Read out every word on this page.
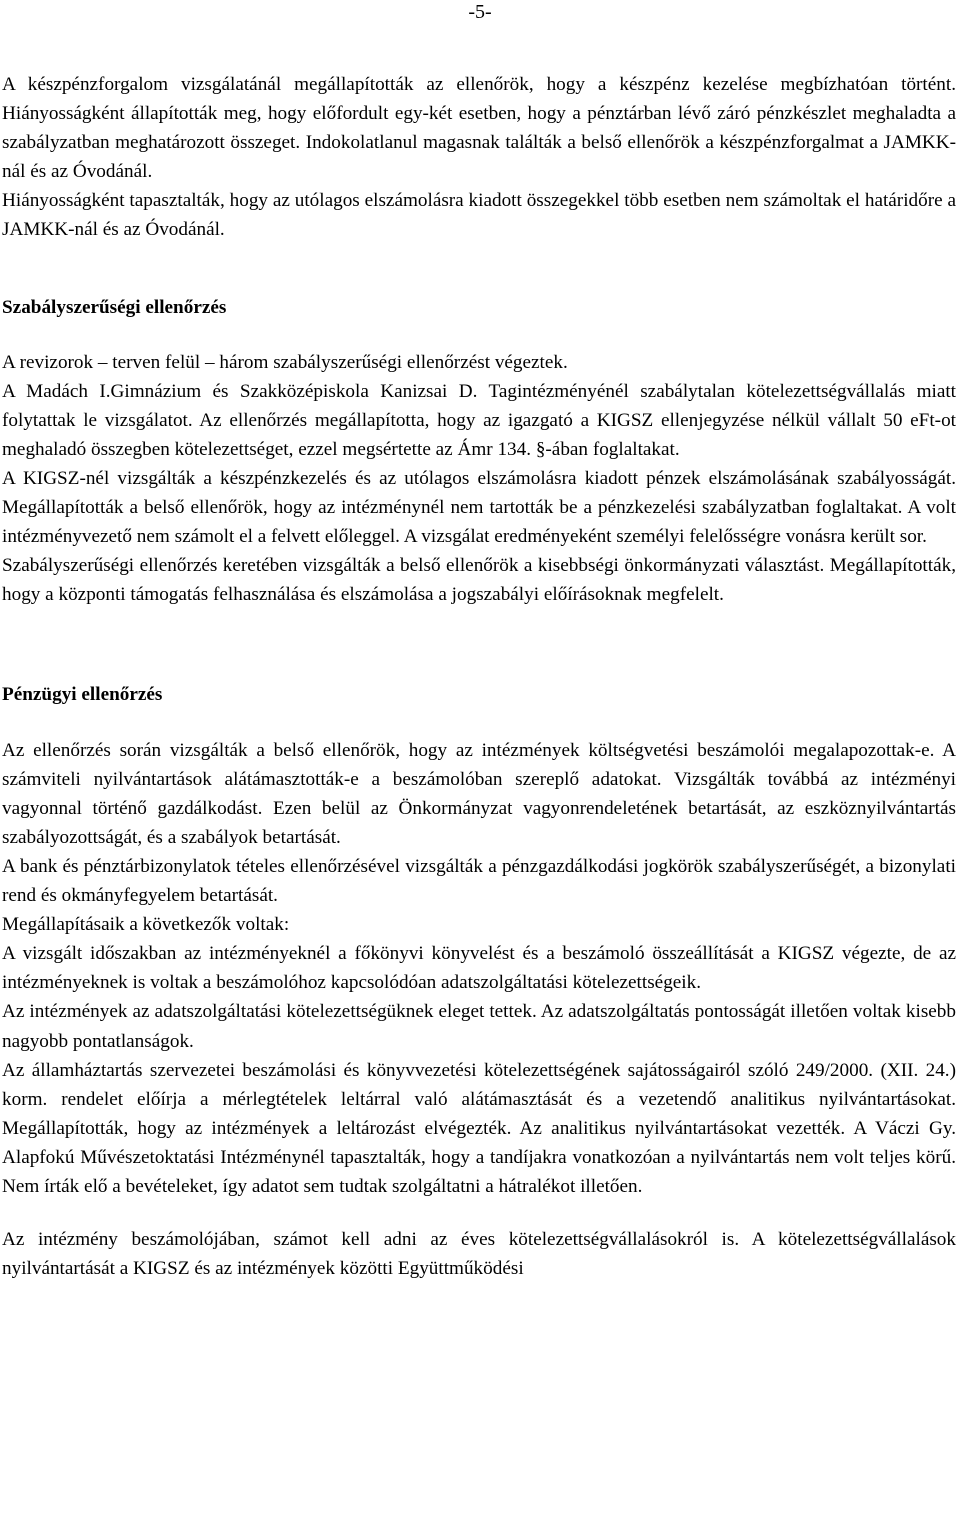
-5-

A készpénzforgalom vizsgálatánál megállapították az ellenőrök, hogy a készpénz kezelése megbízhatóan történt. Hiányosságként állapították meg, hogy előfordult egy-két esetben, hogy a pénztárban lévő záró pénzkészlet meghaladta a szabályzatban meghatározott összeget. Indokolatlanul magasnak találták a belső ellenőrök a készpénzforgalmat a JAMKK-nál és az Óvodánál.

Hiányosságként tapasztalták, hogy az utólagos elszámolásra kiadott összegekkel több esetben nem számoltak el határidőre a JAMKK-nál és az Óvodánál.

Szabályszerűségi ellenőrzés

A revizorok – terven felül – három szabályszerűségi ellenőrzést végeztek.

A Madách I.Gimnázium és Szakközépiskola Kanizsai D. Tagintézményénél szabálytalan kötelezettségvállalás miatt folytattak le vizsgálatot. Az ellenőrzés megállapította, hogy az igazgató a KIGSZ ellenjegyzése nélkül vállalt 50 eFt-ot meghaladó összegben kötelezettséget, ezzel megsértette az Ámr 134. §-ában foglaltakat.

A KIGSZ-nél vizsgálták a készpénzkezelés és az utólagos elszámolásra kiadott pénzek elszámolásának szabályosságát. Megállapították a belső ellenőrök, hogy az intézménynél nem tartották be a pénzkezelési szabályzatban foglaltakat. A volt intézményvezető nem számolt el a felvett előleggel. A vizsgálat eredményeként személyi felelősségre vonásra került sor.

Szabályszerűségi ellenőrzés keretében vizsgálták a belső ellenőrök a kisebbségi önkormányzati választást. Megállapították, hogy a központi támogatás felhasználása és elszámolása a jogszabályi előírásoknak megfelelt.

Pénzügyi ellenőrzés

Az ellenőrzés során vizsgálták a belső ellenőrök, hogy az intézmények költségvetési beszámolói megalapozottak-e. A számviteli nyilvántartások alátámasztották-e a beszámolóban szereplő adatokat. Vizsgálták továbbá az intézményi vagyonnal történő gazdálkodást. Ezen belül az Önkormányzat vagyonrendeletének betartását, az eszköznyilvántartás szabályozottságát, és a szabályok betartását.

A bank és pénztárbizonylatok tételes ellenőrzésével vizsgálták a pénzgazdálkodási jogkörök szabályszerűségét, a bizonylati rend és okmányfegyelem betartását.

Megállapításaik a következők voltak:

A vizsgált időszakban az intézményeknél a főkönyvi könyvelést és a beszámoló összeállítását a KIGSZ végezte, de az intézményeknek is voltak a beszámolóhoz kapcsolódóan adatszolgáltatási kötelezettségeik.

Az intézmények az adatszolgáltatási kötelezettségüknek eleget tettek. Az adatszolgáltatás pontosságát illetően voltak kisebb nagyobb pontatlanságok.

Az államháztartás szervezetei beszámolási és könyvvezetési kötelezettségének sajátosságairól szóló 249/2000. (XII. 24.) korm. rendelet előírja a mérlegtételek leltárral való alátámasztását és a vezetendő analitikus nyilvántartásokat. Megállapították, hogy az intézmények a leltározást elvégezték. Az analitikus nyilvántartásokat vezették. A Váczi Gy. Alapfokú Művészetoktatási Intézménynél tapasztalták, hogy a tandíjakra vonatkozóan a nyilvántartás nem volt teljes körű. Nem írták elő a bevételeket, így adatot sem tudtak szolgáltatni a hátralékot illetően.

Az intézmény beszámolójában, számot kell adni az éves kötelezettségvállalásokról is. A kötelezettségvállalások nyilvántartását a KIGSZ és az intézmények közötti Együttműködési
